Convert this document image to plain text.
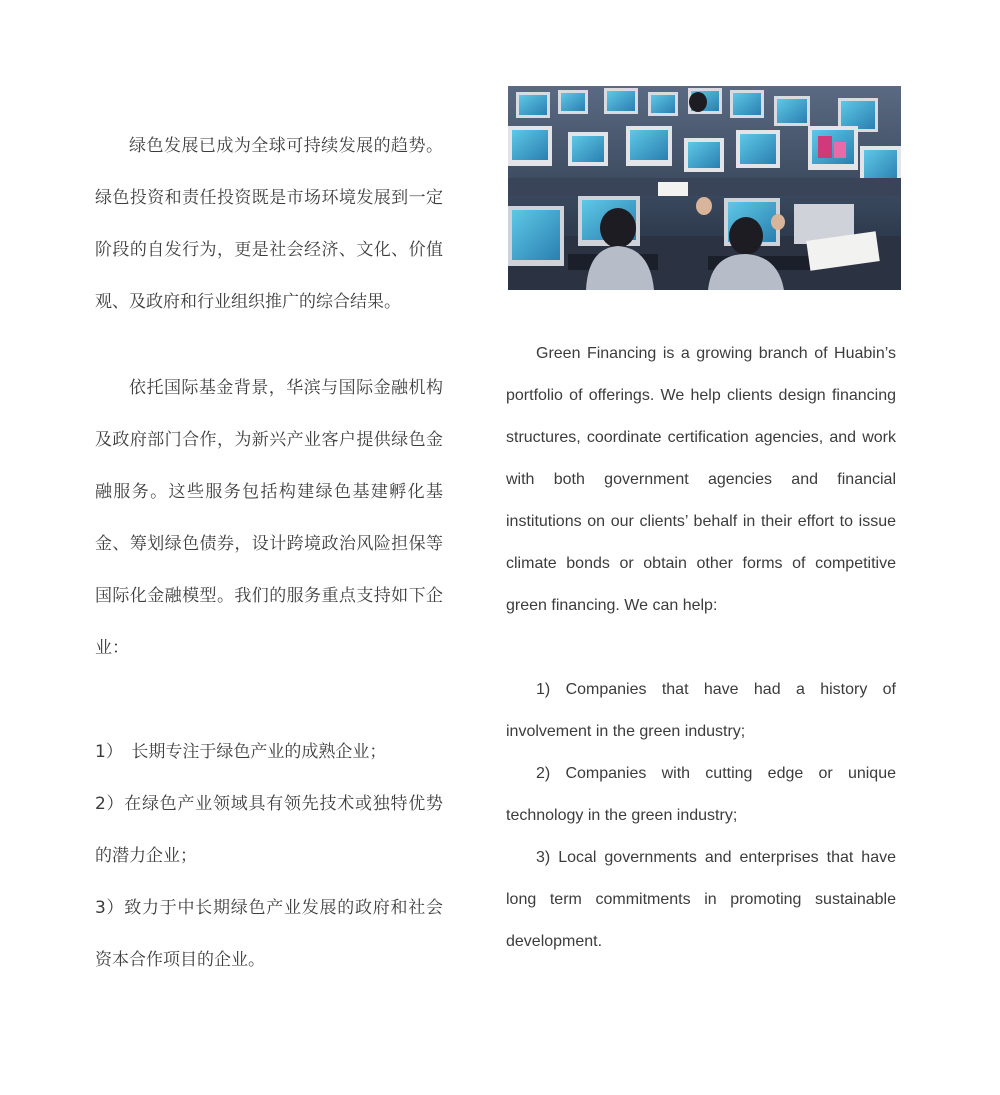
绿色发展已成为全球可持续发展的趋势。绿色投资和责任投资既是市场环境发展到一定阶段的自发行为，更是社会经济、文化、价值观、及政府和行业组织推广的综合结果。

依托国际基金背景，华滨与国际金融机构及政府部门合作，为新兴产业客户提供绿色金融服务。这些服务包括构建绿色基建孵化基金、筹划绿色债券，设计跨境政治风险担保等国际化金融模型。我们的服务重点支持如下企业：

1）　长期专注于绿色产业的成熟企业；

2）在绿色产业领域具有领先技术或独特优势的潜力企业；

3）致力于中长期绿色产业发展的政府和社会资本合作项目的企业。

Green Financing is a growing branch of Huabin’s portfolio of offerings. We help clients design financing structures, coordinate certification agencies, and work with both government agencies and financial institutions on our clients’ behalf in their effort to issue climate bonds or obtain other forms of competitive green financing. We can help:

1) Companies that have had a history of involvement in the green industry;

2) Companies with cutting edge or unique technology in the green industry;

3) Local governments and enterprises that have long term commitments in promoting sustainable development.
